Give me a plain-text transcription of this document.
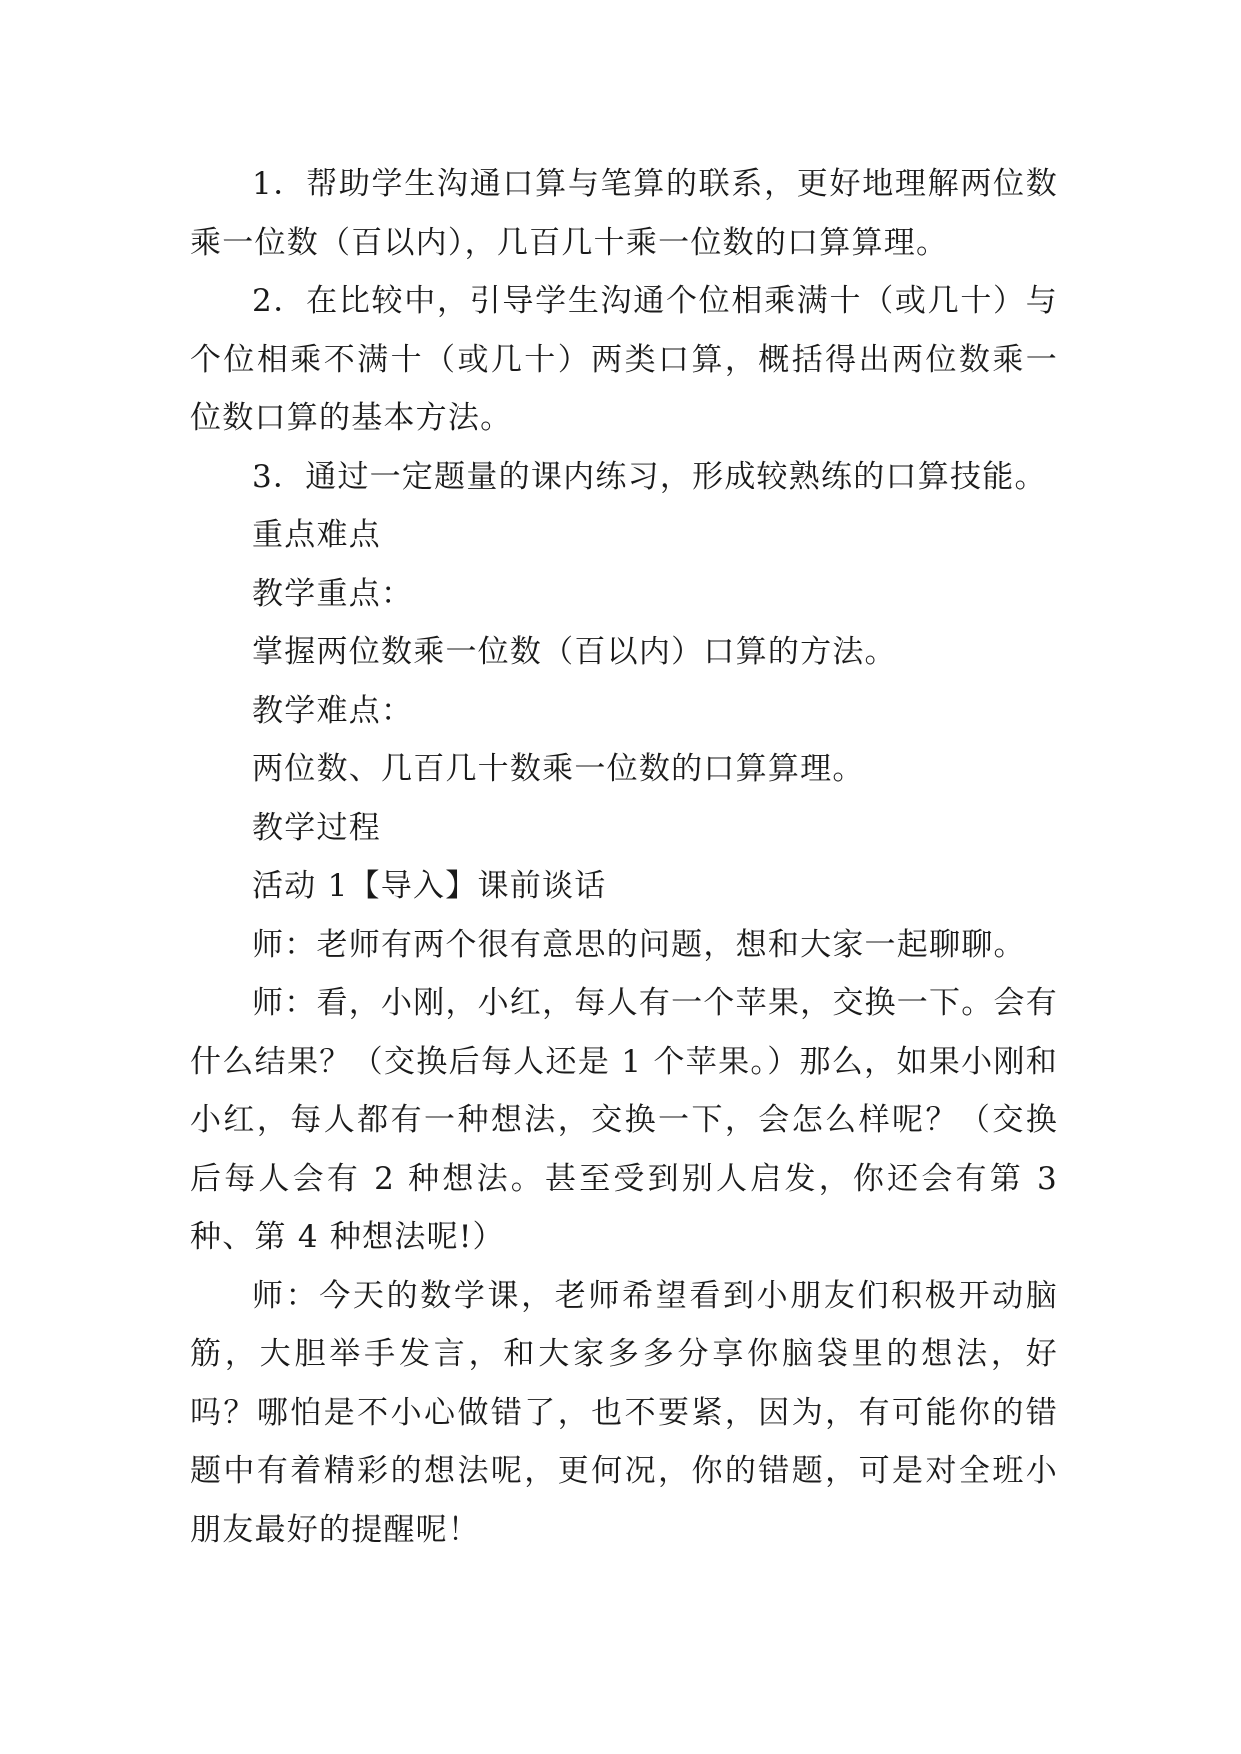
1．帮助学生沟通口算与笔算的联系，更好地理解两位数乘一位数（百以内），几百几十乘一位数的口算算理。

2．在比较中，引导学生沟通个位相乘满十（或几十）与个位相乘不满十（或几十）两类口算，概括得出两位数乘一位数口算的基本方法。

3．通过一定题量的课内练习，形成较熟练的口算技能。

重点难点

教学重点：

掌握两位数乘一位数（百以内）口算的方法。

教学难点：

两位数、几百几十数乘一位数的口算算理。

教学过程

活动 1【导入】课前谈话

师：老师有两个很有意思的问题，想和大家一起聊聊。

师：看，小刚，小红，每人有一个苹果，交换一下。会有什么结果？（交换后每人还是 1 个苹果。）那么，如果小刚和小红，每人都有一种想法，交换一下，会怎么样呢？（交换后每人会有 2 种想法。甚至受到别人启发，你还会有第 3 种、第 4 种想法呢!）

师：今天的数学课，老师希望看到小朋友们积极开动脑筋，大胆举手发言，和大家多多分享你脑袋里的想法，好吗？哪怕是不小心做错了，也不要紧，因为，有可能你的错题中有着精彩的想法呢，更何况，你的错题，可是对全班小朋友最好的提醒呢！
